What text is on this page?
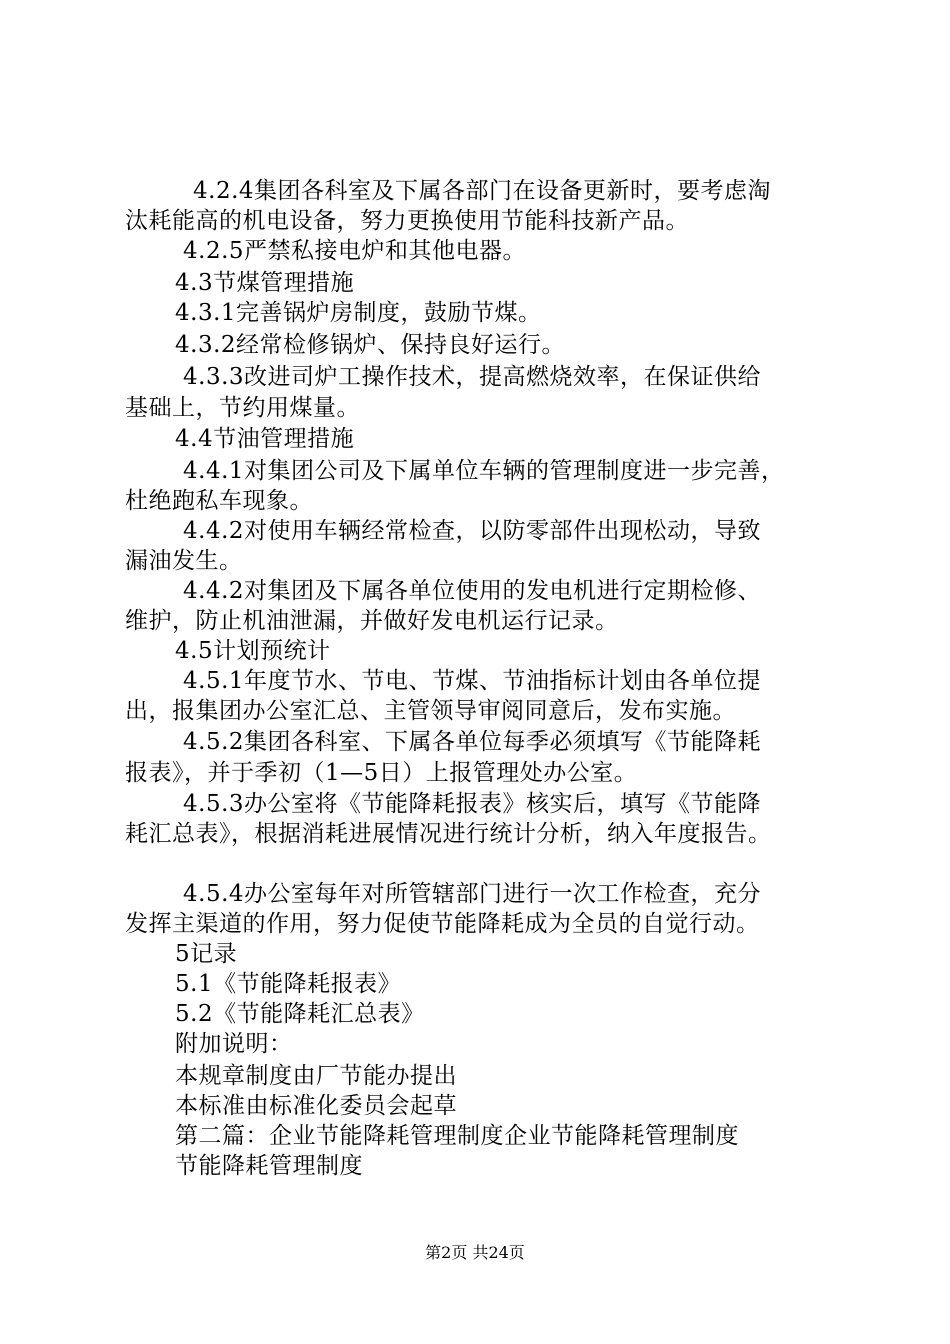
4.2.4集团各科室及下属各部门在设备更新时，要考虑淘
汰耗能高的机电设备，努力更换使用节能科技新产品。
4.2.5严禁私接电炉和其他电器。
4.3节煤管理措施
4.3.1完善锅炉房制度，鼓励节煤。
4.3.2经常检修锅炉、保持良好运行。
4.3.3改进司炉工操作技术，提高燃烧效率，在保证供给
基础上，节约用煤量。
4.4节油管理措施
4.4.1对集团公司及下属单位车辆的管理制度进一步完善，
杜绝跑私车现象。
4.4.2对使用车辆经常检查，以防零部件出现松动，导致
漏油发生。
4.4.2对集团及下属各单位使用的发电机进行定期检修、
维护，防止机油泄漏，并做好发电机运行记录。
4.5计划预统计
4.5.1年度节水、节电、节煤、节油指标计划由各单位提
出，报集团办公室汇总、主管领导审阅同意后，发布实施。
4.5.2集团各科室、下属各单位每季必须填写《节能降耗
报表》，并于季初（1—5日）上报管理处办公室。
4.5.3办公室将《节能降耗报表》核实后，填写《节能降
耗汇总表》，根据消耗进展情况进行统计分析，纳入年度报告。
4.5.4办公室每年对所管辖部门进行一次工作检查，充分
发挥主渠道的作用，努力促使节能降耗成为全员的自觉行动。
5记录
5.1《节能降耗报表》
5.2《节能降耗汇总表》
附加说明：
本规章制度由厂节能办提出
本标准由标准化委员会起草
第二篇：企业节能降耗管理制度企业节能降耗管理制度
节能降耗管理制度
第2页 共24页
